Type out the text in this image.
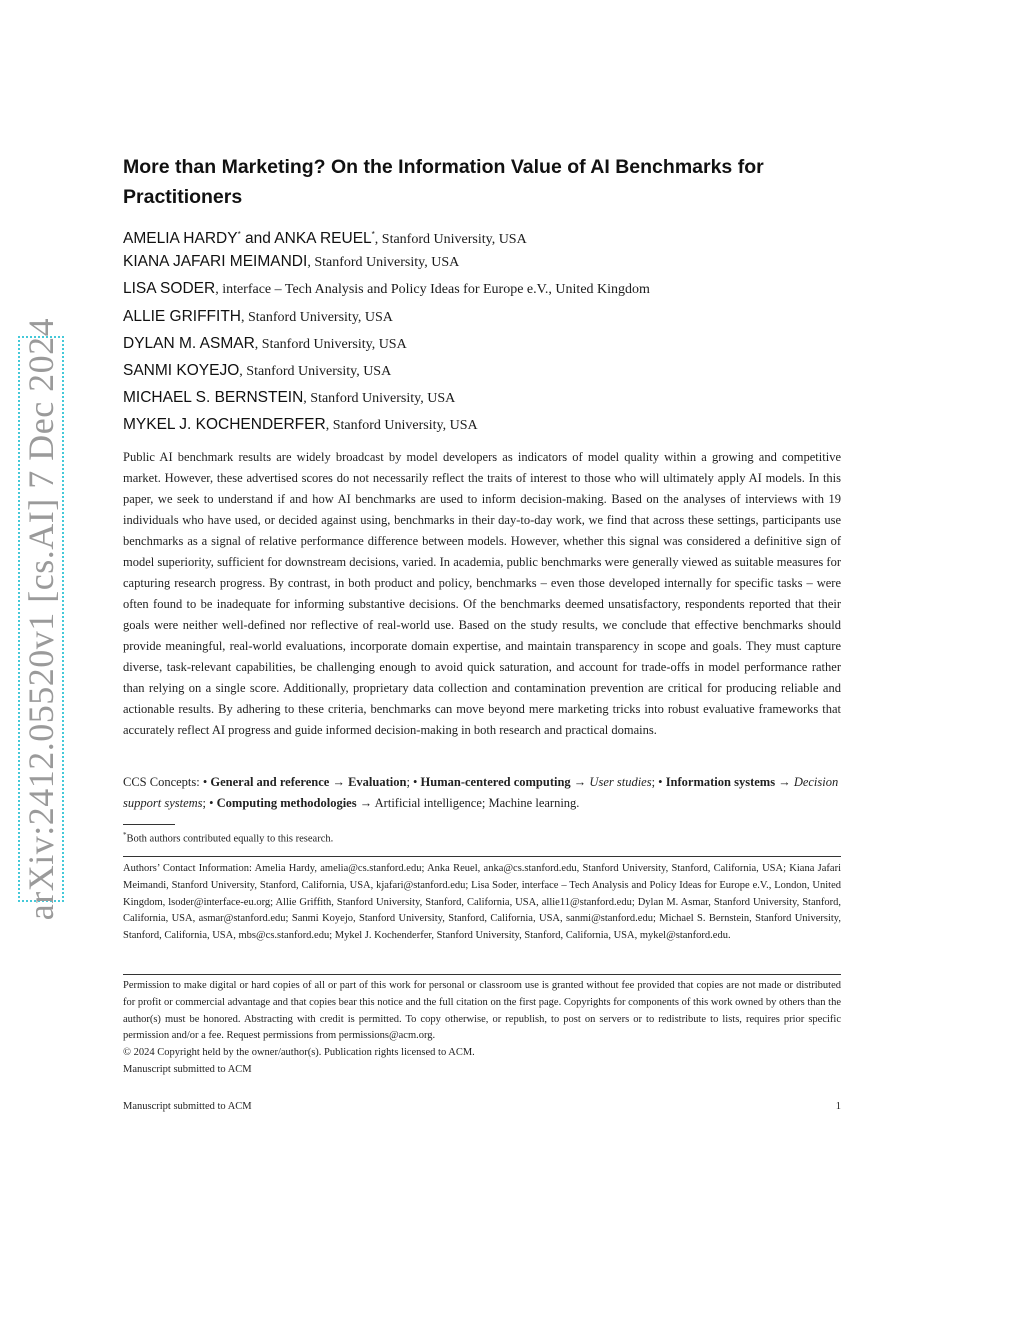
arXiv:2412.05520v1 [cs.AI] 7 Dec 2024
More than Marketing? On the Information Value of AI Benchmarks for Practitioners
AMELIA HARDY* and ANKA REUEL*, Stanford University, USA
KIANA JAFARI MEIMANDI, Stanford University, USA
LISA SODER, interface – Tech Analysis and Policy Ideas for Europe e.V., United Kingdom
ALLIE GRIFFITH, Stanford University, USA
DYLAN M. ASMAR, Stanford University, USA
SANMI KOYEJO, Stanford University, USA
MICHAEL S. BERNSTEIN, Stanford University, USA
MYKEL J. KOCHENDERFER, Stanford University, USA
Public AI benchmark results are widely broadcast by model developers as indicators of model quality within a growing and competitive market. However, these advertised scores do not necessarily reflect the traits of interest to those who will ultimately apply AI models. In this paper, we seek to understand if and how AI benchmarks are used to inform decision-making. Based on the analyses of interviews with 19 individuals who have used, or decided against using, benchmarks in their day-to-day work, we find that across these settings, participants use benchmarks as a signal of relative performance difference between models. However, whether this signal was considered a definitive sign of model superiority, sufficient for downstream decisions, varied. In academia, public benchmarks were generally viewed as suitable measures for capturing research progress. By contrast, in both product and policy, benchmarks – even those developed internally for specific tasks – were often found to be inadequate for informing substantive decisions. Of the benchmarks deemed unsatisfactory, respondents reported that their goals were neither well-defined nor reflective of real-world use. Based on the study results, we conclude that effective benchmarks should provide meaningful, real-world evaluations, incorporate domain expertise, and maintain transparency in scope and goals. They must capture diverse, task-relevant capabilities, be challenging enough to avoid quick saturation, and account for trade-offs in model performance rather than relying on a single score. Additionally, proprietary data collection and contamination prevention are critical for producing reliable and actionable results. By adhering to these criteria, benchmarks can move beyond mere marketing tricks into robust evaluative frameworks that accurately reflect AI progress and guide informed decision-making in both research and practical domains.
CCS Concepts: • General and reference → Evaluation; • Human-centered computing → User studies; • Information systems → Decision support systems; • Computing methodologies → Artificial intelligence; Machine learning.
*Both authors contributed equally to this research.
Authors’ Contact Information: Amelia Hardy, amelia@cs.stanford.edu; Anka Reuel, anka@cs.stanford.edu, Stanford University, Stanford, California, USA; Kiana Jafari Meimandi, Stanford University, Stanford, California, USA, kjafari@stanford.edu; Lisa Soder, interface – Tech Analysis and Policy Ideas for Europe e.V., London, United Kingdom, lsoder@interface-eu.org; Allie Griffith, Stanford University, Stanford, California, USA, allie11@stanford.edu; Dylan M. Asmar, Stanford University, Stanford, California, USA, asmar@stanford.edu; Sanmi Koyejo, Stanford University, Stanford, California, USA, sanmi@stanford.edu; Michael S. Bernstein, Stanford University, Stanford, California, USA, mbs@cs.stanford.edu; Mykel J. Kochenderfer, Stanford University, Stanford, California, USA, mykel@stanford.edu.

Permission to make digital or hard copies of all or part of this work for personal or classroom use is granted without fee provided that copies are not made or distributed for profit or commercial advantage and that copies bear this notice and the full citation on the first page. Copyrights for components of this work owned by others than the author(s) must be honored. Abstracting with credit is permitted. To copy otherwise, or republish, to post on servers or to redistribute to lists, requires prior specific permission and/or a fee. Request permissions from permissions@acm.org.

© 2024 Copyright held by the owner/author(s). Publication rights licensed to ACM.

Manuscript submitted to ACM

Manuscript submitted to ACM	1
